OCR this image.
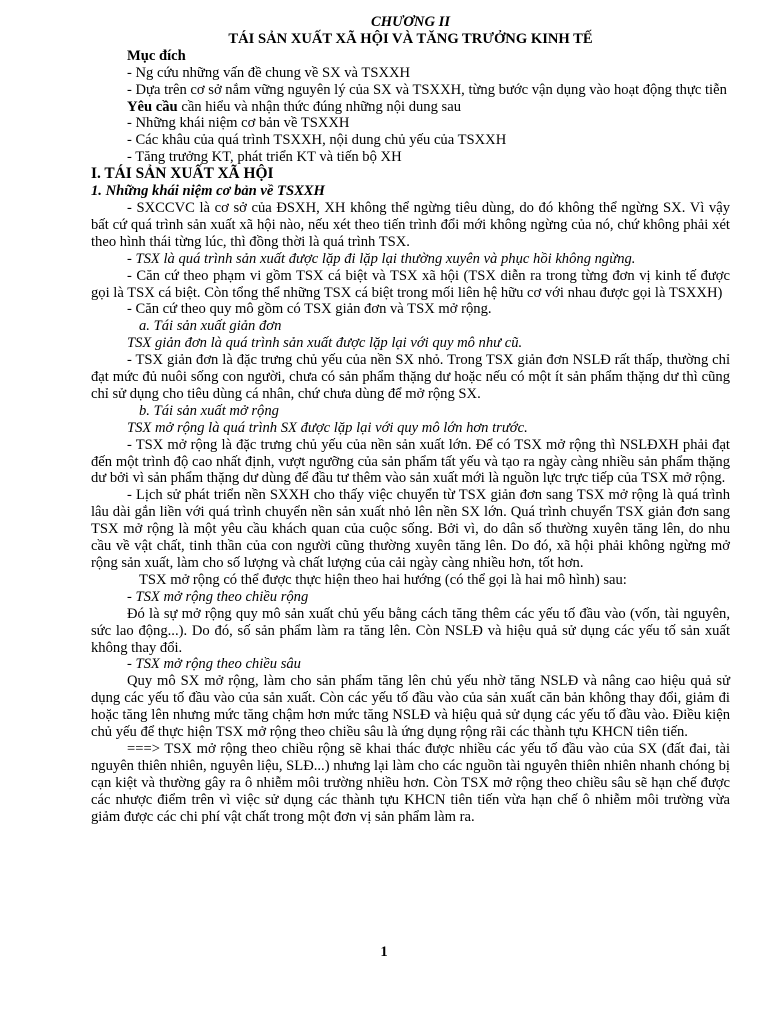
CHƯƠNG II

TÁI SẢN XUẤT XÃ HỘI VÀ TĂNG TRƯỞNG KINH TẾ

Mục đích

- Ng cứu những vấn đề chung về SX và TSXXH

- Dựa trên cơ sở nắm vững nguyên lý của SX và TSXXH, từng bước vận dụng vào hoạt động thực tiễn

Yêu cầu cần hiểu và nhận thức đúng những nội dung sau

- Những khái niệm cơ bản về TSXXH

- Các khâu của quá trình TSXXH, nội dung chủ yếu của TSXXH

- Tăng trưởng KT, phát triển KT và tiến bộ XH

I. TÁI SẢN XUẤT XÃ HỘI

1. Những khái niệm cơ bản về TSXXH

- SXCCVC là cơ sở của ĐSXH, XH không thể ngừng tiêu dùng, do đó không thể ngừng SX. Vì vậy bất cứ quá trình sản xuất xã hội nào, nếu xét theo tiến trình đổi mới không ngừng của nó, chứ không phải xét theo hình thái từng lúc, thì đồng thời là quá trình TSX.

- TSX là quá trình sản xuất được lặp đi lặp lại thường xuyên và phục hồi không ngừng.

- Căn cứ theo phạm vi gồm TSX cá biệt và TSX xã hội (TSX diễn ra trong từng đơn vị kinh tế được gọi là TSX cá biệt. Còn tổng thể những TSX cá biệt trong mối liên hệ hữu cơ với nhau được gọi là TSXXH)

- Căn cứ theo quy mô gồm có TSX giản đơn và TSX mở rộng.

a. Tái sản xuất giản đơn

TSX giản đơn là quá trình sản xuất được lặp lại với quy mô như cũ.

- TSX giản đơn là đặc trưng chủ yếu của nền SX nhỏ. Trong TSX giản đơn NSLĐ rất thấp, thường chỉ đạt mức đủ nuôi sống con người, chưa có sản phẩm thặng dư hoặc nếu có một ít sản phẩm thặng dư thì cũng chỉ sử dụng cho tiêu dùng cá nhân, chứ chưa dùng để mở rộng SX.

b. Tái sản xuất mở rộng

TSX mở rộng là quá trình SX được lặp lại với quy mô lớn hơn trước.

- TSX mở rộng là đặc trưng chủ yếu của nền sản xuất lớn. Để có TSX mở rộng thì NSLĐXH phải đạt đến một trình độ cao nhất định, vượt ngưỡng của sản phẩm tất yếu và tạo ra ngày càng nhiều sản phẩm thặng dư bởi vì sản phẩm thặng dư dùng để đầu tư thêm vào sản xuất mới là nguồn lực trực tiếp của TSX mở rộng.

- Lịch sử phát triển nền SXXH cho thấy việc chuyển từ TSX giản đơn sang TSX mở rộng là quá trình lâu dài gắn liền với quá trình chuyển nền sản xuất nhỏ lên nền SX lớn. Quá trình chuyển TSX giản đơn sang TSX mở rộng là một yêu cầu khách quan của cuộc sống. Bởi vì, do dân số thường xuyên tăng lên, do nhu cầu về vật chất, tinh thần của con người cũng thường xuyên tăng lên. Do đó, xã hội phải không ngừng mở rộng sản xuất, làm cho số lượng và chất lượng của cải ngày càng nhiều hơn, tốt hơn.

TSX mở rộng có thể được thực hiện theo hai hướng (có thể gọi là hai mô hình) sau:

- TSX mở rộng theo chiều rộng

Đó là sự mở rộng quy mô sản xuất chủ yếu bằng cách tăng thêm các yếu tố đầu vào (vốn, tài nguyên, sức lao động...). Do đó, số sản phẩm làm ra tăng lên. Còn NSLĐ và hiệu quả sử dụng các yếu tố sản xuất không thay đổi.

- TSX mở rộng theo chiều sâu

Quy mô SX mở rộng, làm cho sản phẩm tăng lên chủ yếu nhờ tăng NSLĐ và nâng cao hiệu quả sử dụng các yếu tố đầu vào của sản xuất. Còn các yếu tố đầu vào của sản xuất căn bản không thay đổi, giảm đi hoặc tăng lên nhưng mức tăng chậm hơn mức tăng NSLĐ và hiệu quả sử dụng các yếu tố đầu vào. Điều kiện chủ yếu để thực hiện TSX mở rộng theo chiều sâu là ứng dụng rộng rãi các thành tựu KHCN tiên tiến.

===> TSX mở rộng theo chiều rộng sẽ khai thác được nhiều các yếu tố đầu vào của SX (đất đai, tài nguyên thiên nhiên, nguyên liệu, SLĐ...) nhưng lại làm cho các nguồn tài nguyên thiên nhiên nhanh chóng bị cạn kiệt và thường gây ra ô nhiễm môi trường nhiều hơn. Còn TSX mở rộng theo chiều sâu sẽ hạn chế được các nhược điểm trên vì việc sử dụng các thành tựu KHCN tiên tiến vừa hạn chế ô nhiễm môi trường vừa giảm được các chi phí vật chất trong một đơn vị sản phẩm làm ra.

1
